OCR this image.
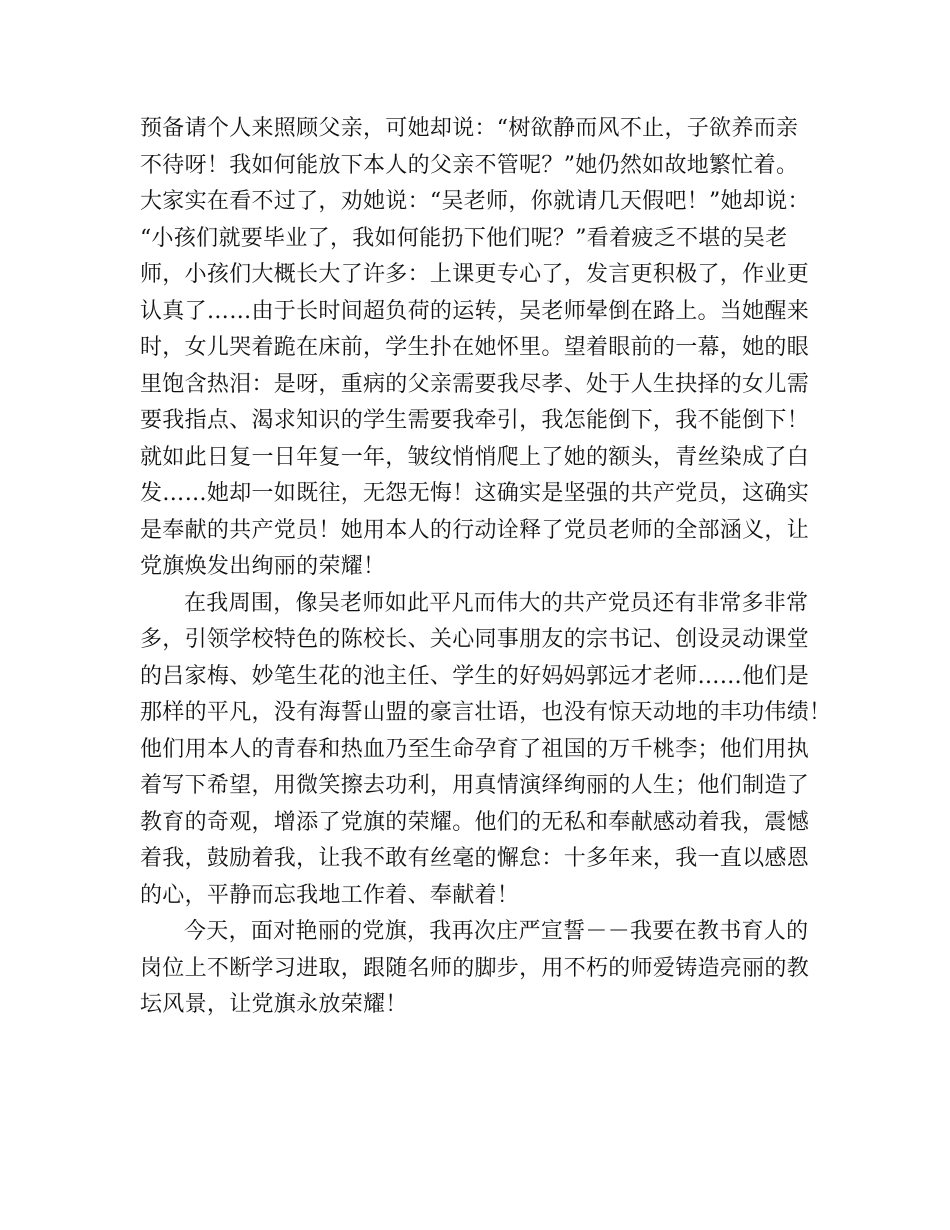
预备请个人来照顾父亲，可她却说：“树欲静而风不止，子欲养而亲
不待呀！我如何能放下本人的父亲不管呢？”她仍然如故地繁忙着。
大家实在看不过了，劝她说：“吴老师，你就请几天假吧！”她却说：
“小孩们就要毕业了，我如何能扔下他们呢？”看着疲乏不堪的吴老
师，小孩们大概长大了许多：上课更专心了，发言更积极了，作业更
认真了……由于长时间超负荷的运转，吴老师晕倒在路上。当她醒来
时，女儿哭着跪在床前，学生扑在她怀里。望着眼前的一幕，她的眼
里饱含热泪：是呀，重病的父亲需要我尽孝、处于人生抉择的女儿需
要我指点、渴求知识的学生需要我牵引，我怎能倒下，我不能倒下！
就如此日复一日年复一年，皱纹悄悄爬上了她的额头，青丝染成了白
发……她却一如既往，无怨无悔！这确实是坚强的共产党员，这确实
是奉献的共产党员！她用本人的行动诠释了党员老师的全部涵义，让
党旗焕发出绚丽的荣耀！
在我周围，像吴老师如此平凡而伟大的共产党员还有非常多非常
多，引领学校特色的陈校长、关心同事朋友的宗书记、创设灵动课堂
的吕家梅、妙笔生花的池主任、学生的好妈妈郭远才老师……他们是
那样的平凡，没有海誓山盟的豪言壮语，也没有惊天动地的丰功伟绩！
他们用本人的青春和热血乃至生命孕育了祖国的万千桃李；他们用执
着写下希望，用微笑擦去功利，用真情演绎绚丽的人生；他们制造了
教育的奇观，增添了党旗的荣耀。他们的无私和奉献感动着我，震憾
着我，鼓励着我，让我不敢有丝毫的懈怠：十多年来，我一直以感恩
的心，平静而忘我地工作着、奉献着！
今天，面对艳丽的党旗，我再次庄严宣誓－－我要在教书育人的
岗位上不断学习进取，跟随名师的脚步，用不朽的师爱铸造亮丽的教
坛风景，让党旗永放荣耀！
